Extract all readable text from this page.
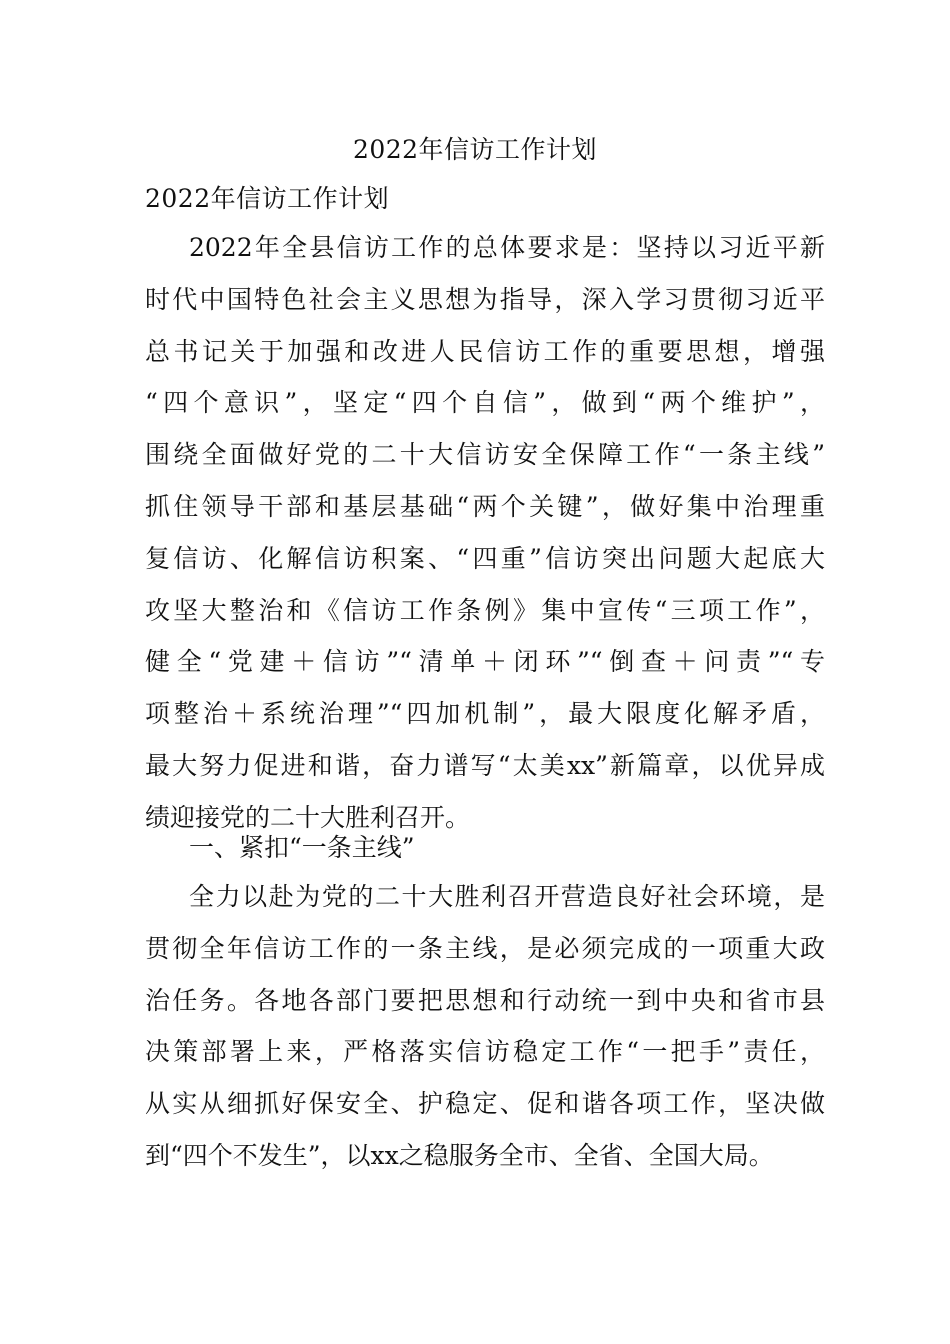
2022年信访工作计划
2022年信访工作计划
2022年全县信访工作的总体要求是：坚持以习近平新
时代中国特色社会主义思想为指导，深入学习贯彻习近平
总书记关于加强和改进人民信访工作的重要思想，增强
“四个意识”，坚定“四个自信”，做到“两个维护”，
围绕全面做好党的二十大信访安全保障工作“一条主线”
抓住领导干部和基层基础“两个关键”，做好集中治理重
复信访、化解信访积案、“四重”信访突出问题大起底大
攻坚大整治和《信访工作条例》集中宣传“三项工作”，
健全“党建＋信访”“清单＋闭环”“倒查＋问责”“专
项整治＋系统治理”“四加机制”，最大限度化解矛盾，
最大努力促进和谐，奋力谱写“太美xx”新篇章，以优异成
绩迎接党的二十大胜利召开。
一、紧扣“一条主线”
全力以赴为党的二十大胜利召开营造良好社会环境，是
贯彻全年信访工作的一条主线，是必须完成的一项重大政
治任务。各地各部门要把思想和行动统一到中央和省市县
决策部署上来，严格落实信访稳定工作“一把手”责任，
从实从细抓好保安全、护稳定、促和谐各项工作，坚决做
到“四个不发生”，以xx之稳服务全市、全省、全国大局。
